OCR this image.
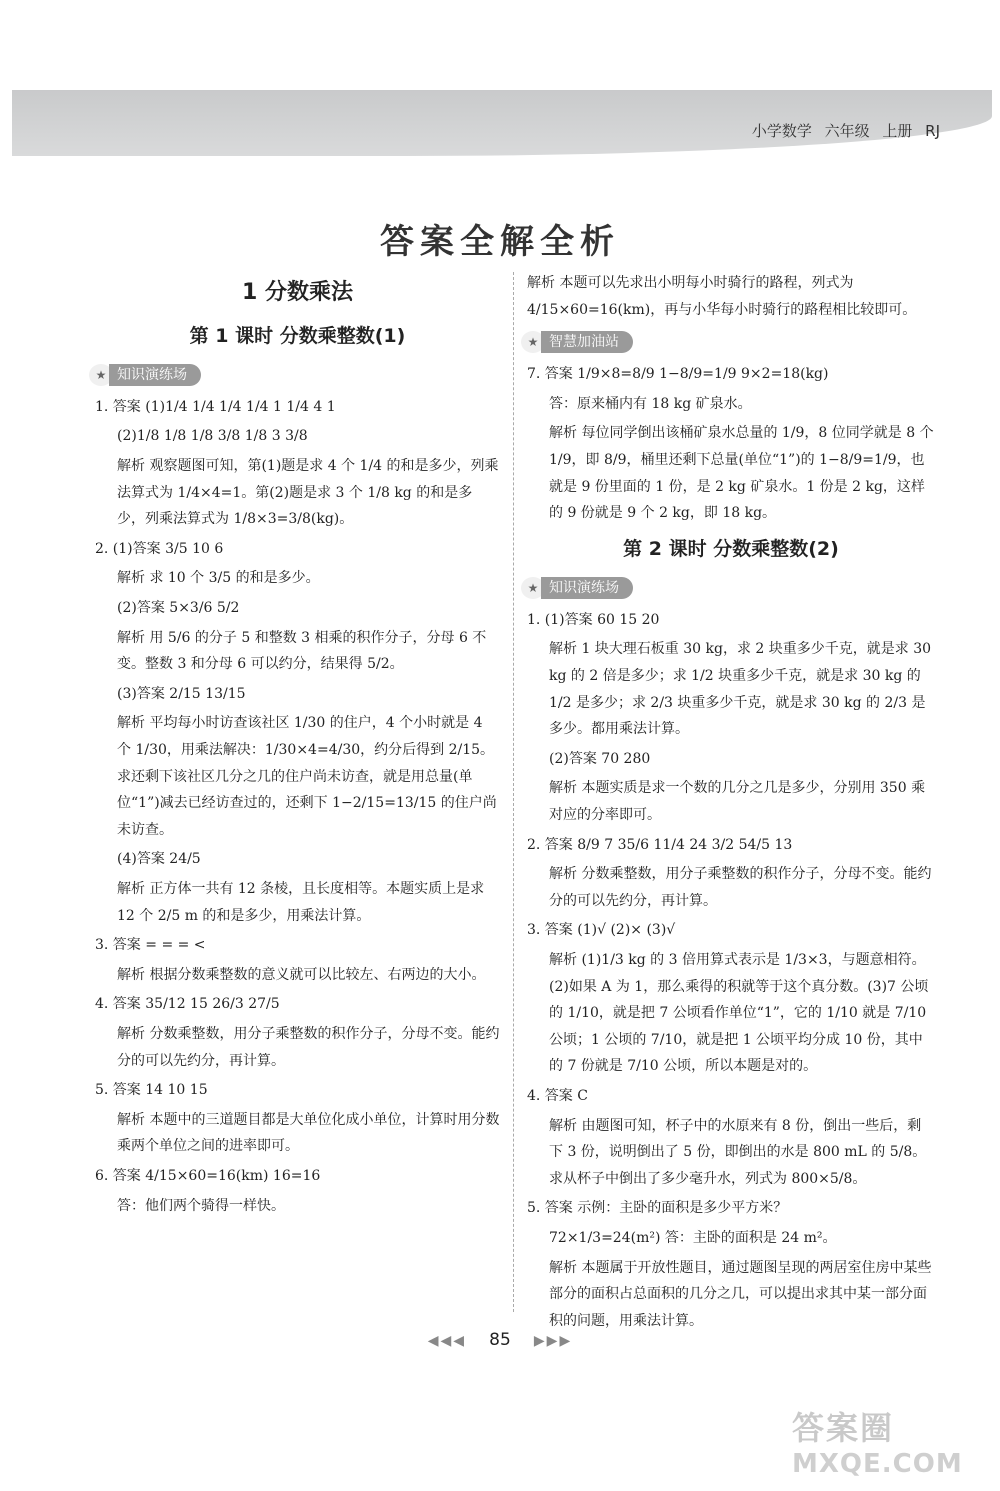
小学数学 六年级 上册 RJ
答案全解全析
1 分数乘法
第 1 课时 分数乘整数(1)
★ 知识演练场

1. 答案 (1)1/4 1/4 1/4 1/4 1 1/4 4 1

(2)1/8 1/8 1/8 3/8 1/8 3 3/8

解析 观察题图可知，第(1)题是求 4 个 1/4 的和是多少，列乘法算式为 1/4×4=1。第(2)题是求 3 个 1/8 kg 的和是多少，列乘法算式为 1/8×3=3/8(kg)。

2. (1)答案 3/5 10 6

解析 求 10 个 3/5 的和是多少。

(2)答案 5×3/6 5/2

解析 用 5/6 的分子 5 和整数 3 相乘的积作分子，分母 6 不变。整数 3 和分母 6 可以约分，结果得 5/2。

(3)答案 2/15 13/15

解析 平均每小时访查该社区 1/30 的住户，4 个小时就是 4 个 1/30，用乘法解决：1/30×4=4/30，约分后得到 2/15。求还剩下该社区几分之几的住户尚未访查，就是用总量(单位“1”)减去已经访查过的，还剩下 1−2/15=13/15 的住户尚未访查。

(4)答案 24/5

解析 正方体一共有 12 条棱，且长度相等。本题实质上是求 12 个 2/5 m 的和是多少，用乘法计算。

3. 答案 = = = <

解析 根据分数乘整数的意义就可以比较左、右两边的大小。

4. 答案 35/12 15 26/3 27/5

解析 分数乘整数，用分子乘整数的积作分子，分母不变。能约分的可以先约分，再计算。

5. 答案 14 10 15

解析 本题中的三道题目都是大单位化成小单位，计算时用分数乘两个单位之间的进率即可。

6. 答案 4/15×60=16(km) 16=16

答：他们两个骑得一样快。

解析 本题可以先求出小明每小时骑行的路程，列式为 4/15×60=16(km)，再与小华每小时骑行的路程相比较即可。

★ 智慧加油站

7. 答案 1/9×8=8/9 1−8/9=1/9 9×2=18(kg)

答：原来桶内有 18 kg 矿泉水。

解析 每位同学倒出该桶矿泉水总量的 1/9，8 位同学就是 8 个 1/9，即 8/9，桶里还剩下总量(单位“1”)的 1−8/9=1/9，也就是 9 份里面的 1 份，是 2 kg 矿泉水。1 份是 2 kg，这样的 9 份就是 9 个 2 kg，即 18 kg。

第 2 课时 分数乘整数(2)
★ 知识演练场

1. (1)答案 60 15 20

解析 1 块大理石板重 30 kg，求 2 块重多少千克，就是求 30 kg 的 2 倍是多少；求 1/2 块重多少千克，就是求 30 kg 的 1/2 是多少；求 2/3 块重多少千克，就是求 30 kg 的 2/3 是多少。都用乘法计算。

(2)答案 70 280

解析 本题实质是求一个数的几分之几是多少，分别用 350 乘对应的分率即可。

2. 答案 8/9 7 35/6 11/4 24 3/2 54/5 13

解析 分数乘整数，用分子乘整数的积作分子，分母不变。能约分的可以先约分，再计算。

3. 答案 (1)√ (2)× (3)√

解析 (1)1/3 kg 的 3 倍用算式表示是 1/3×3，与题意相符。(2)如果 A 为 1，那么乘得的积就等于这个真分数。(3)7 公顷的 1/10，就是把 7 公顷看作单位“1”，它的 1/10 就是 7/10 公顷；1 公顷的 7/10，就是把 1 公顷平均分成 10 份，其中的 7 份就是 7/10 公顷，所以本题是对的。

4. 答案 C

解析 由题图可知，杯子中的水原来有 8 份，倒出一些后，剩下 3 份，说明倒出了 5 份，即倒出的水是 800 mL 的 5/8。求从杯子中倒出了多少毫升水，列式为 800×5/8。

5. 答案 示例：主卧的面积是多少平方米？

72×1/3=24(m²) 答：主卧的面积是 24 m²。

解析 本题属于开放性题目，通过题图呈现的两居室住房中某些部分的面积占总面积的几分之几，可以提出求其中某一部分面积的问题，用乘法计算。

◀◀◀ 85 ▶▶▶
答案圈
MXQE.COM
